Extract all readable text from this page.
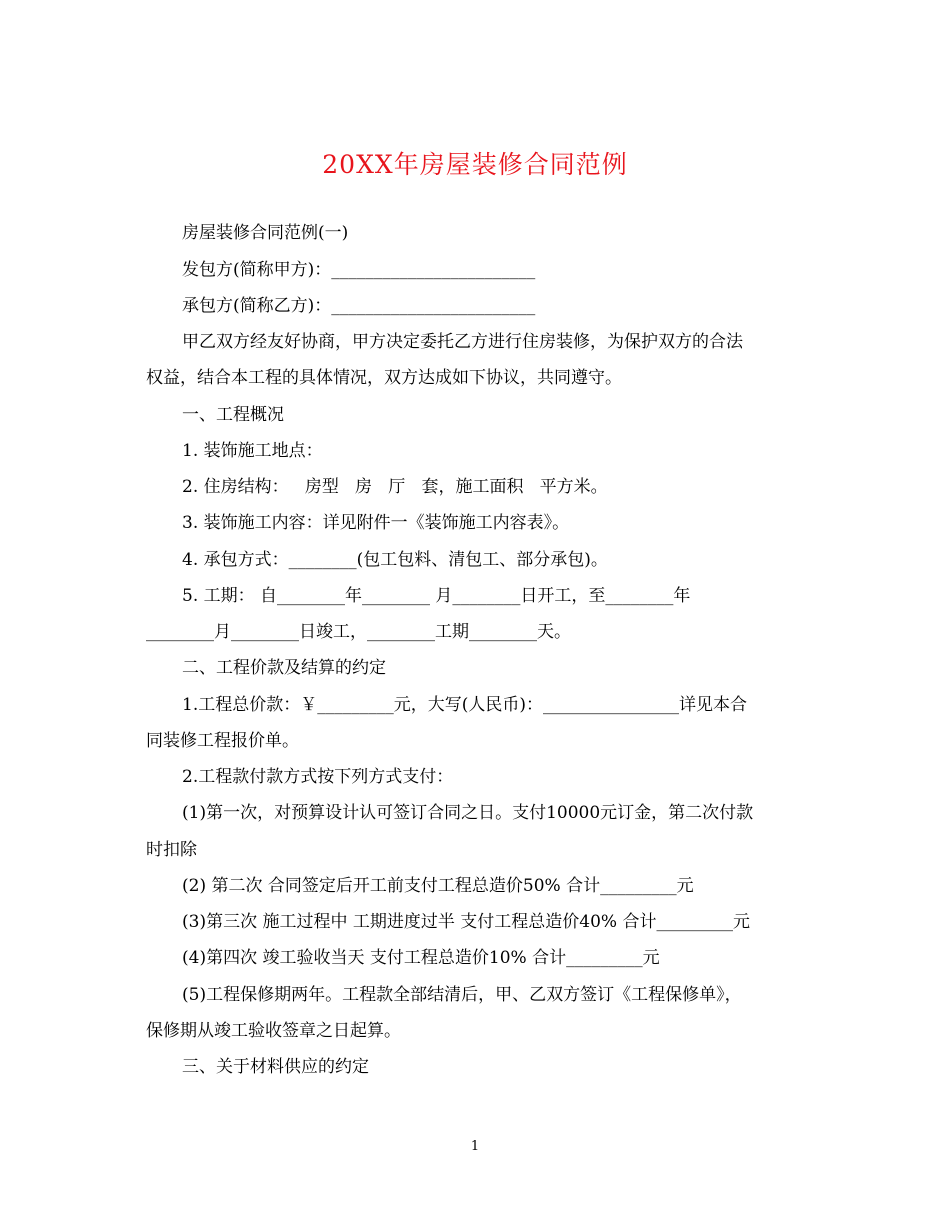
20XX年房屋装修合同范例
房屋装修合同范例(一)
发包方(简称甲方)：________________________
承包方(简称乙方)：________________________
甲乙双方经友好协商，甲方决定委托乙方进行住房装修，为保护双方的合法
权益，结合本工程的具体情况，双方达成如下协议，共同遵守。
一、工程概况
1. 装饰施工地点：
2. 住房结构：   房型   房   厅   套，施工面积   平方米。
3. 装饰施工内容：详见附件一《装饰施工内容表》。
4. 承包方式：________(包工包料、清包工、部分承包)。
5. 工期： 自________年________ 月________日开工，至________年
________月________日竣工，________工期________天。
二、工程价款及结算的约定
1.工程总价款：￥_________元，大写(人民币)：________________详见本合
同装修工程报价单。
2.工程款付款方式按下列方式支付：
(1)第一次，对预算设计认可签订合同之日。支付10000元订金，第二次付款
时扣除
(2) 第二次 合同签定后开工前支付工程总造价50% 合计_________元
(3)第三次 施工过程中 工期进度过半 支付工程总造价40% 合计_________元
(4)第四次 竣工验收当天 支付工程总造价10% 合计_________元
(5)工程保修期两年。工程款全部结清后，甲、乙双方签订《工程保修单》，
保修期从竣工验收签章之日起算。
三、关于材料供应的约定
1
